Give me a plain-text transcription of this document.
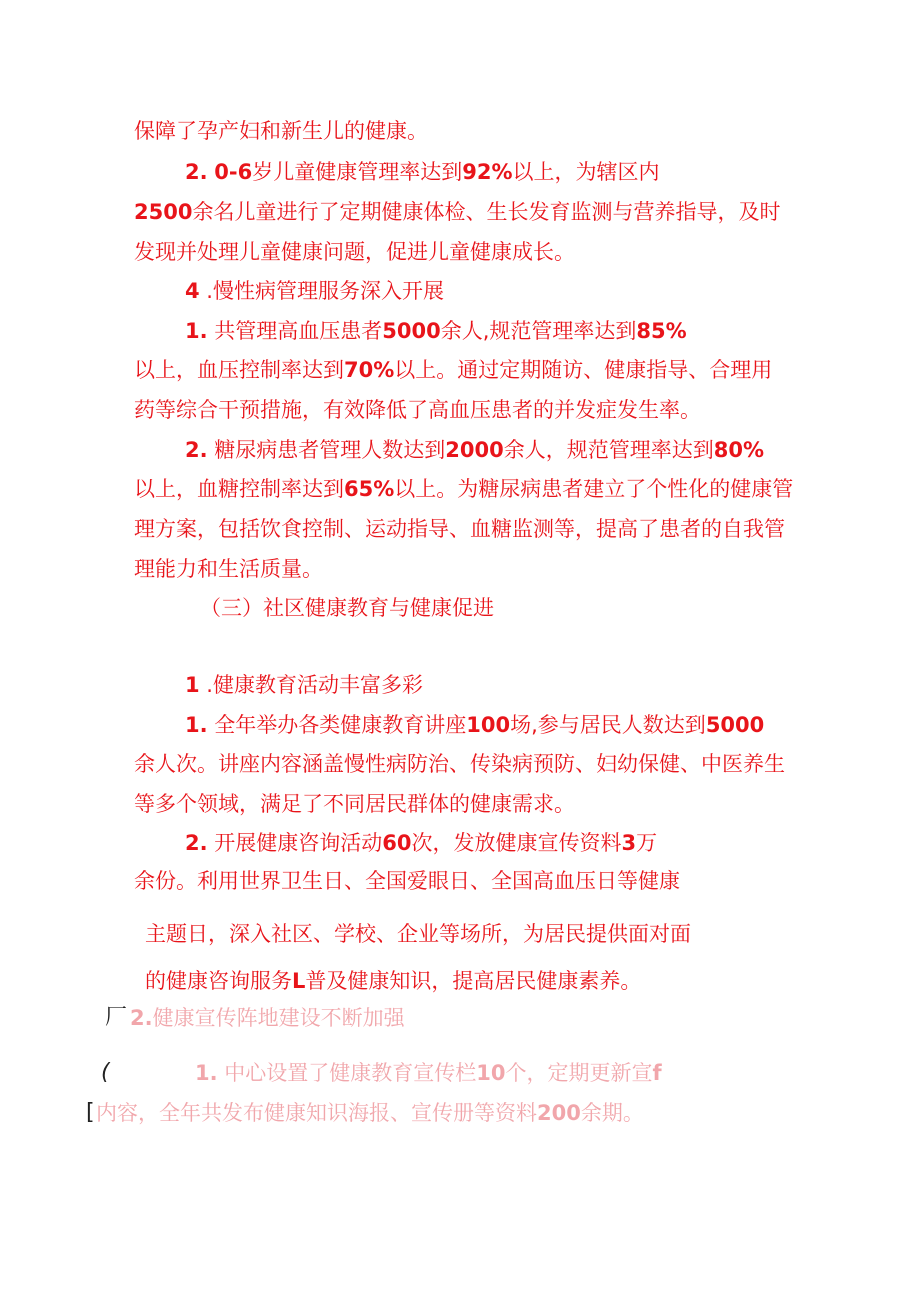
保障了孕产妇和新生儿的健康。
2. 0-6岁儿童健康管理率达到92%以上，为辖区内
2500余名儿童进行了定期健康体检、生长发育监测与营养指导，及时
发现并处理儿童健康问题，促进儿童健康成长。
4 .慢性病管理服务深入开展
1. 共管理高血压患者5000余人,规范管理率达到85%
以上，血压控制率达到70%以上。通过定期随访、健康指导、合理用
药等综合干预措施，有效降低了高血压患者的并发症发生率。
2. 糖尿病患者管理人数达到2000余人，规范管理率达到80%
以上，血糖控制率达到65%以上。为糖尿病患者建立了个性化的健康管
理方案，包括饮食控制、运动指导、血糖监测等，提高了患者的自我管
理能力和生活质量。
（三）社区健康教育与健康促进
1 .健康教育活动丰富多彩
1. 全年举办各类健康教育讲座100场,参与居民人数达到5000
余人次。讲座内容涵盖慢性病防治、传染病预防、妇幼保健、中医养生
等多个领域，满足了不同居民群体的健康需求。
2. 开展健康咨询活动60次，发放健康宣传资料3万
余份。利用世界卫生日、全国爱眼日、全国高血压日等健康
主题日，深入社区、学校、企业等场所，为居民提供面对面
的健康咨询服务L普及健康知识，提高居民健康素养。
2.健康宣传阵地建设不断加强
1. 中心设置了健康教育宣传栏10个，定期更新宣f
内容，全年共发布健康知识海报、宣传册等资料200余期。
厂
(
[
